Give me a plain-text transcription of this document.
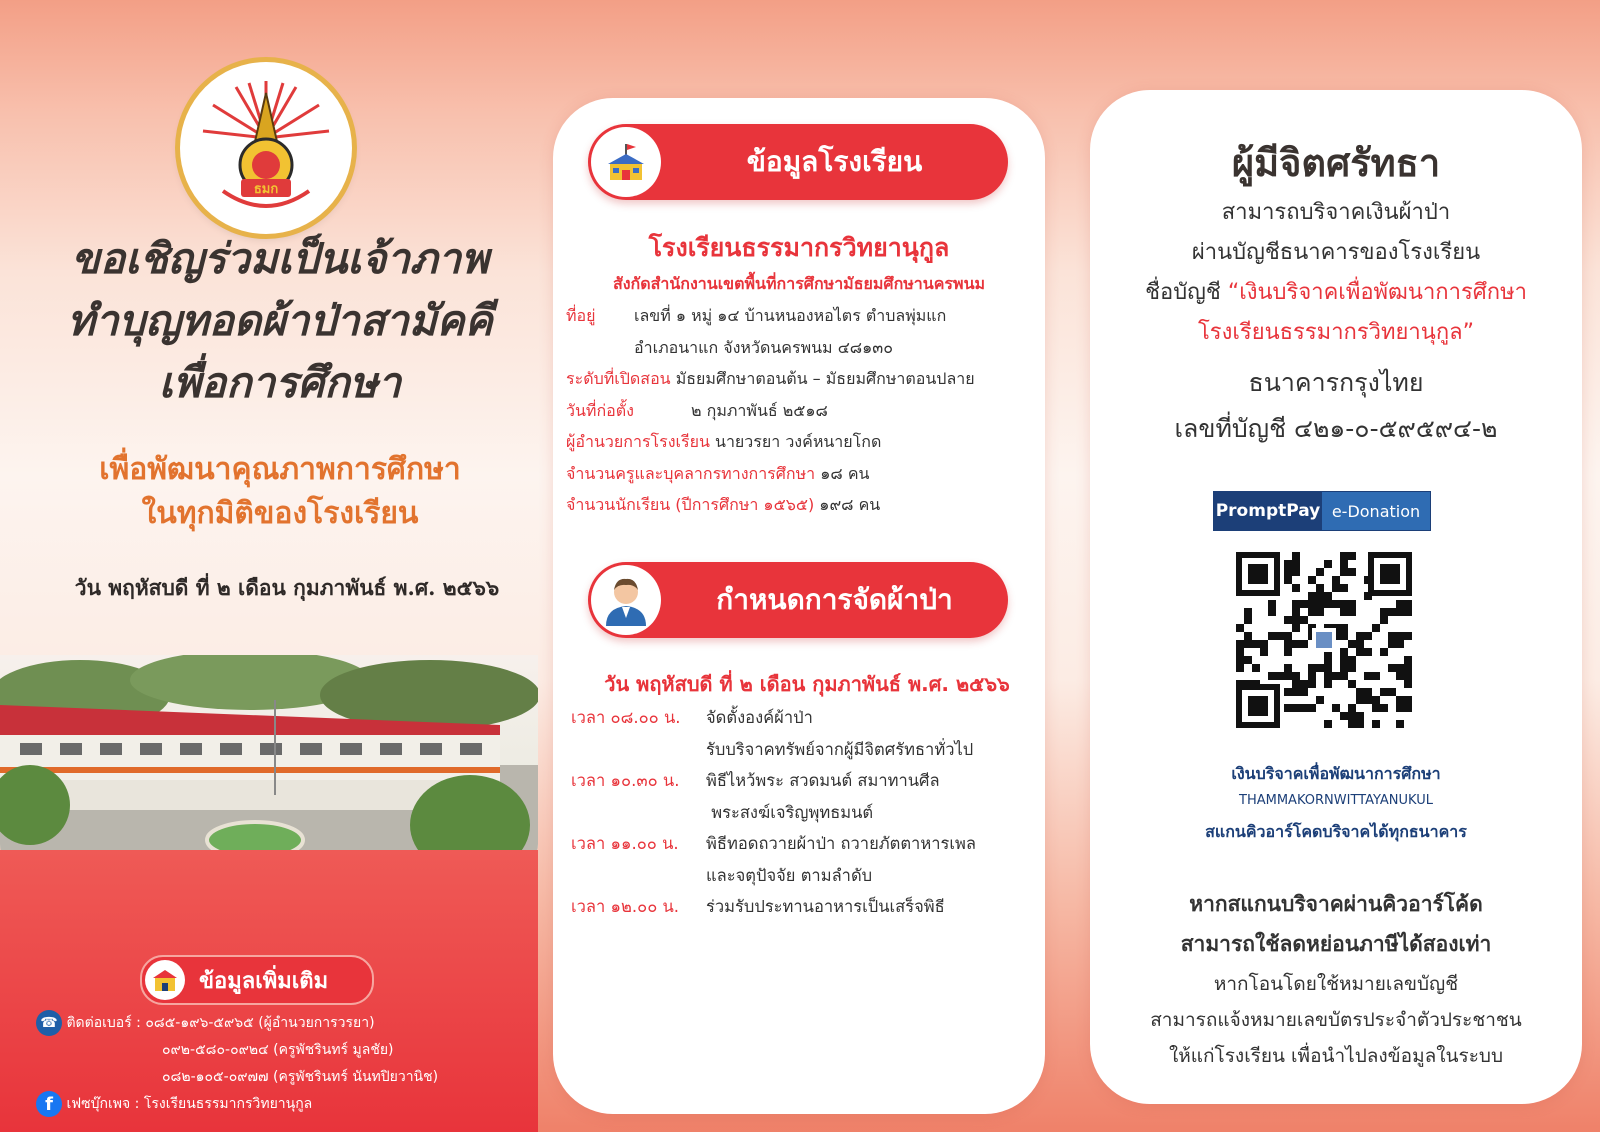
ธมก
ขอเชิญร่วมเป็นเจ้าภาพ
ทำบุญทอดผ้าป่าสามัคคี
เพื่อการศึกษา
เพื่อพัฒนาคุณภาพการศึกษา
ในทุกมิติของโรงเรียน
วัน พฤหัสบดี ที่ ๒ เดือน กุมภาพันธ์ พ.ศ. ๒๕๖๖
ข้อมูลเพิ่มเติม
☎ ติดต่อเบอร์ : ๐๘๕-๑๙๖-๕๙๖๕ (ผู้อำนวยการวรยา)
๐๙๒-๕๘๐-๐๙๒๔ (ครูพัชรินทร์ มูลชัย)
๐๘๒-๑๐๕-๐๙๗๗ (ครูพัชรินทร์ นันทปิยวานิช)
f เฟซบุ๊กเพจ : โรงเรียนธรรมากรวิทยานุกูล
ข้อมูลโรงเรียน
โรงเรียนธรรมากรวิทยานุกูล
สังกัดสำนักงานเขตพื้นที่การศึกษามัธยมศึกษานครพนม
ที่อยู่ เลขที่ ๑ หมู่ ๑๔ บ้านหนองหอไตร ตำบลพุ่มแก
อำเภอนาแก จังหวัดนครพนม ๔๘๑๓๐
ระดับที่เปิดสอน มัธยมศึกษาตอนต้น – มัธยมศึกษาตอนปลาย
วันที่ก่อตั้ง	๒ กุมภาพันธ์ ๒๕๑๘
ผู้อำนวยการโรงเรียน นายวรยา วงค์หนายโกด
จำนวนครูและบุคลากรทางการศึกษา ๑๘ คน
จำนวนนักเรียน (ปีการศึกษา ๑๕๖๕) ๑๙๘ คน
กำหนดการจัดผ้าป่า
วัน พฤหัสบดี ที่ ๒ เดือน กุมภาพันธ์ พ.ศ. ๒๕๖๖
เวลา ๐๘.๐๐ น. จัดตั้งองค์ผ้าป่า
รับบริจาคทรัพย์จากผู้มีจิตศรัทธาทั่วไป
เวลา ๑๐.๓๐ น. พิธีไหว้พระ สวดมนต์ สมาทานศีล
พระสงฆ์เจริญพุทธมนต์
เวลา ๑๑.๐๐ น. พิธีทอดถวายผ้าป่า ถวายภัตตาหารเพล
และจตุปัจจัย ตามลำดับ
เวลา ๑๒.๐๐ น. ร่วมรับประทานอาหารเป็นเสร็จพิธี
ผู้มีจิตศรัทธา
สามารถบริจาคเงินผ้าป่า
ผ่านบัญชีธนาคารของโรงเรียน
ชื่อบัญชี “เงินบริจาคเพื่อพัฒนาการศึกษา
โรงเรียนธรรมากรวิทยานุกูล”
ธนาคารกรุงไทย
เลขที่บัญชี ๔๒๑-๐-๕๙๕๙๔-๒
PromptPay e-Donation
เงินบริจาคเพื่อพัฒนาการศึกษา
THAMMAKORNWITTAYANUKUL
สแกนคิวอาร์โคดบริจาคได้ทุกธนาคาร
หากสแกนบริจาคผ่านคิวอาร์โค้ด
สามารถใช้ลดหย่อนภาษีได้สองเท่า
หากโอนโดยใช้หมายเลขบัญชี
สามารถแจ้งหมายเลขบัตรประจำตัวประชาชน
ให้แก่โรงเรียน เพื่อนำไปลงข้อมูลในระบบ
